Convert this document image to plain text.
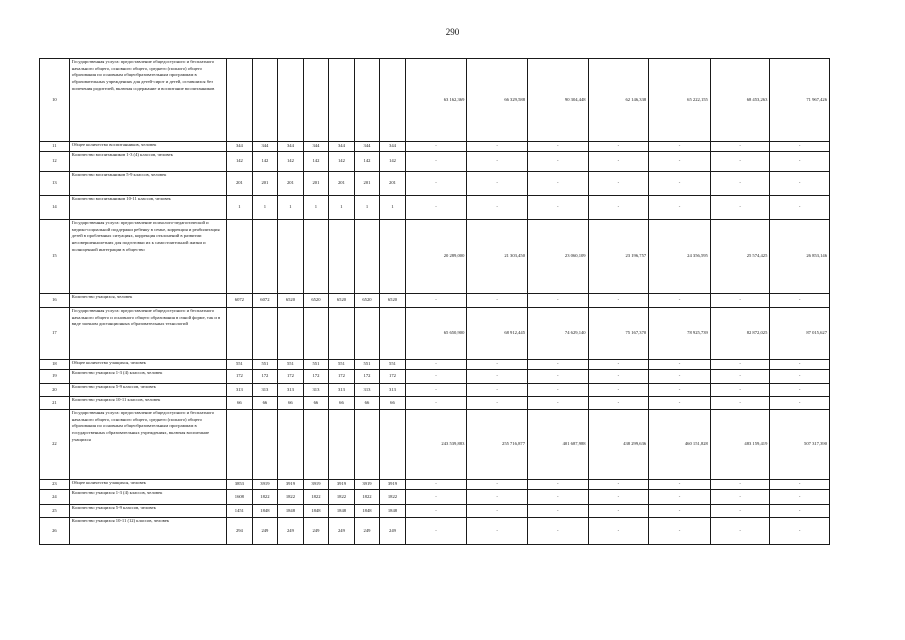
290
10	Государственная услуга: предоставление общедоступного и бесплатного начального общего, основного общего, среднего (полного) общего образования по основным общеобразовательным программам в образовательных учреждениях для детей-сирот и детей, оставшихся без попечения родителей, включая содержание и воспитание воспитанников								63 162,369	66 329,588	90 304,448	62 146,338	65 222,155	68 453,263	71 967,426
11	Общее количество воспитанников, человек	344	344	344	344	344	344	344	-	-	-	-	-	-	-
12	Количество воспитанников 1-3 (4) классов, человек	142	142	142	142	142	142	142	-	-	-	-	-	-	-
13	Количество воспитанников 5-9 классов, человек	201	201	201	201	201	201	201	-	-	-	-	-	-	-
14	Количество воспитанников 10-11 классов, человек	1	1	1	1	1	1	1	-	-	-	-	-	-	-
15	Государственная услуга: предоставление психолого-педагогической и медико-социальной поддержки ребенку в семье, коррекция и реабилитация детей в проблемных ситуациях, коррекция отклонений в развитии несовершеннолетних для подготовки их к самостоятельной жизни и полноценной интеграции в общество								20 289,000	21 303,450	23 060,109	23 196,757	24 356,595	25 574,425	26 853,146
16	Количество учащихся, человек	6072	6072	6520	6520	6520	6520	6520	-	-	-	-	-	-	-
17	Государственная услуга: предоставление общедоступного и бесплатного начального общего и основного общего образования в очной форме, так и в виде заочном дистанционных образовательных технологий								65 650,900	68 912,445	74 629,140	75 167,370	78 925,739	82 872,025	87 015,627
18	Общее количество учащихся, человек	551	551	551	551	551	551	551	-	-	-	-	-	-	-
19	Количество учащихся 1-3 (4) классов, человек	172	172	172	172	172	172	172	-	-	-	-	-	-	-
20	Количество учащихся 5-9 классов, человек	313	313	313	313	313	313	313	-	-	-	-	-	-	-
21	Количество учащихся 10-11 классов, человек	66	66	66	66	66	66	66	-	-	-	-	-	-	-
22	Государственная услуга: предоставление общедоступного и бесплатного начального общего, основного общего, среднего (полного) общего образования по основным общеобразовательным программам в государственных образовательных учреждениях, включая воспитание учащихся								243 539,883	255 716,877	401 687,988	438 299,636	460 151,828	483 159,419	507 317,390
23	Общее количество учащихся, человек	3853	3919	3919	3919	3919	3919	3919	-	-	-	-	-	-	-
24	Количество учащихся 1-3 (4) классов, человек	1608	1822	1822	1822	1822	1822	1822	-	-	-	-	-	-	-
25	Количество учащихся 5-9 классов, человек	1451	1848	1848	1848	1848	1848	1848	-	-	-	-	-	-	-
26	Количество учащихся 10-11 (12) классов, человек	294	249	249	249	249	249	249	-	-	-	-	-	-	-
